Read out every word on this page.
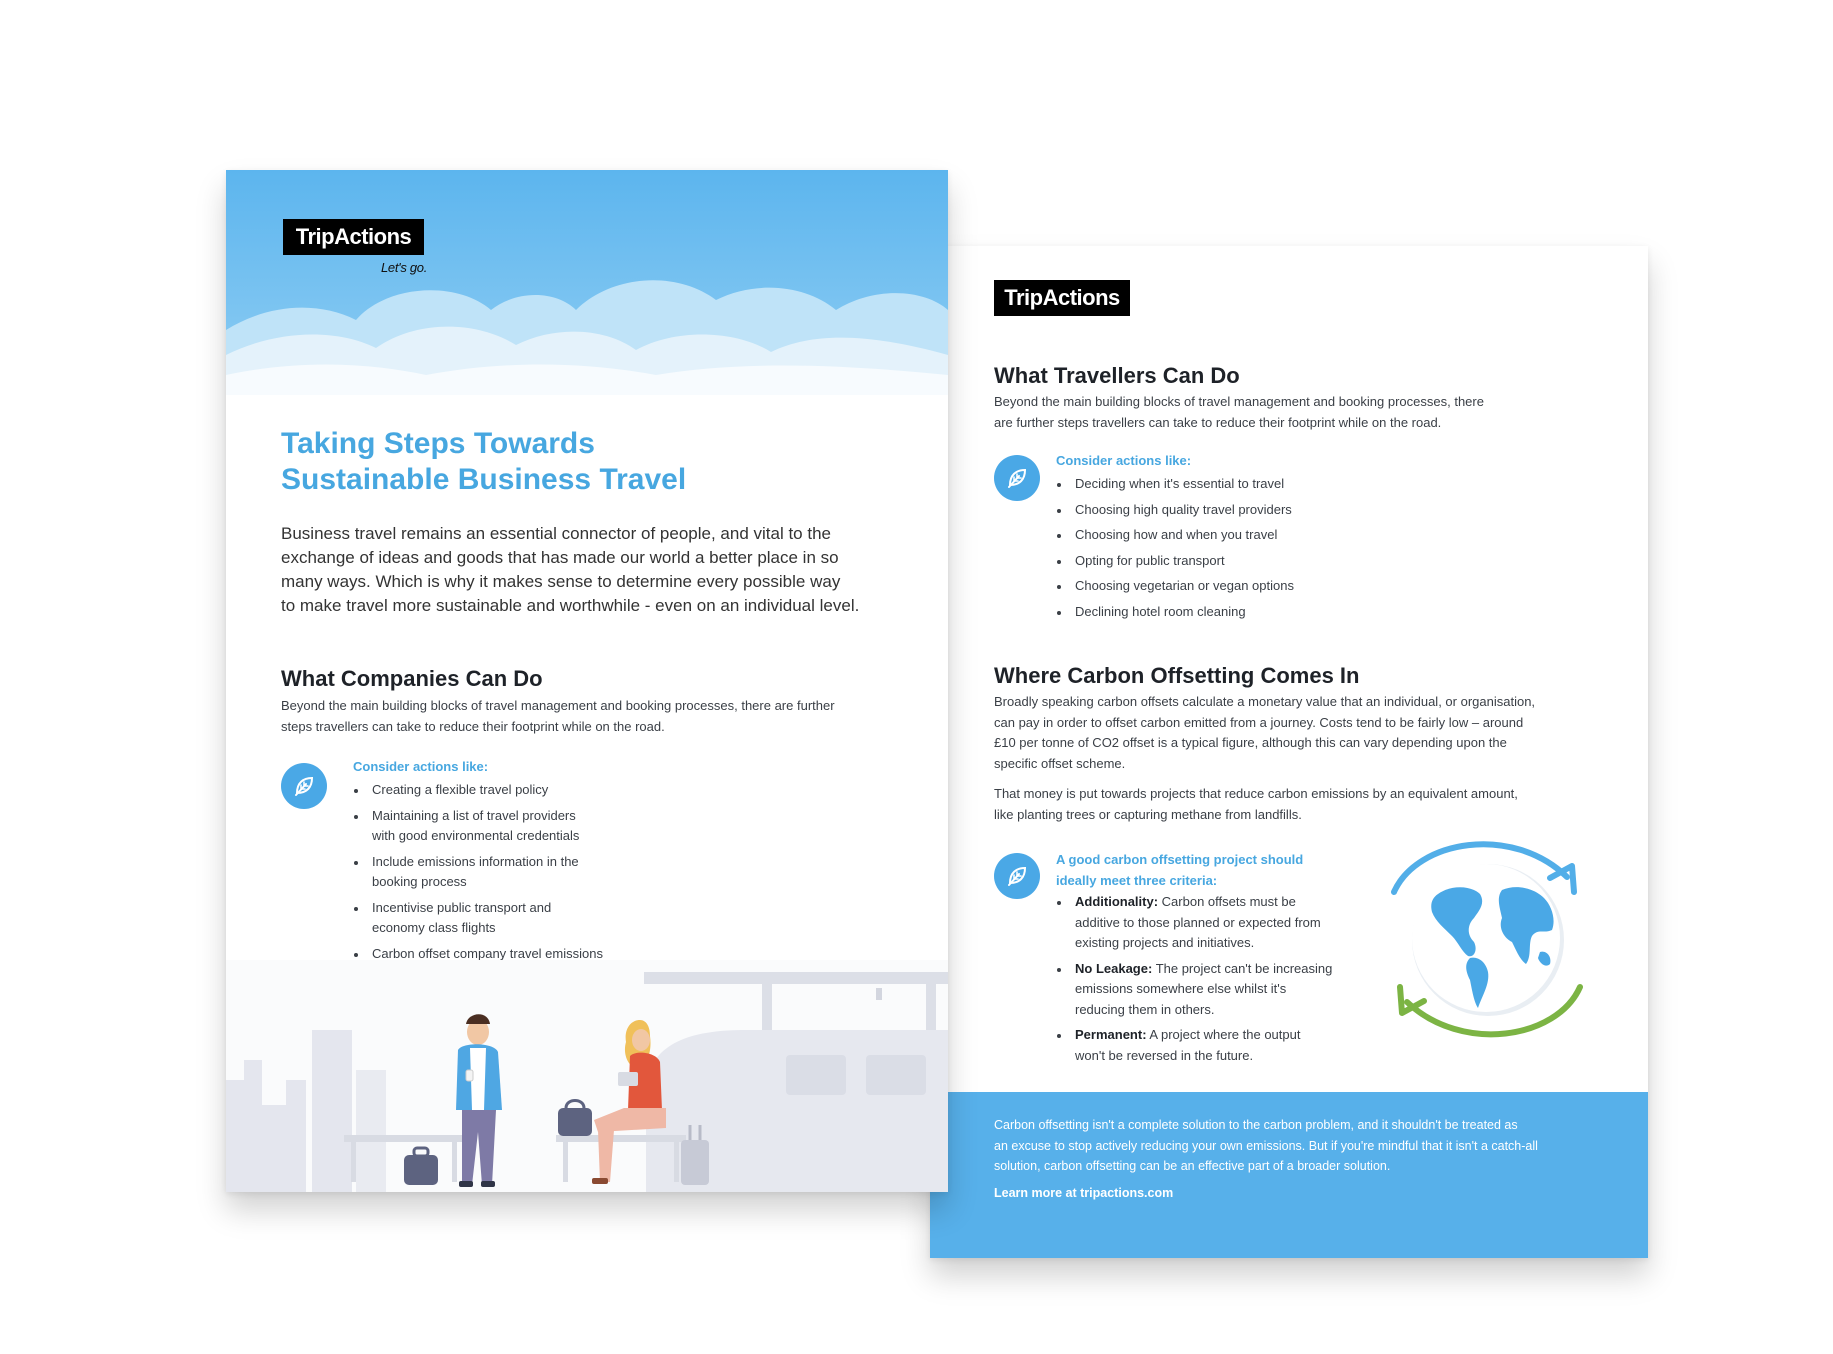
TripActions
Let's go.
Taking Steps Towards
Sustainable Business Travel
Business travel remains an essential connector of people, and vital to the
exchange of ideas and goods that has made our world a better place in so
many ways. Which is why it makes sense to determine every possible way
to make travel more sustainable and worthwhile - even on an individual level.
What Companies Can Do
Beyond the main building blocks of travel management and booking processes, there are further
steps travellers can take to reduce their footprint while on the road.
Consider actions like:
Creating a flexible travel policy
Maintaining a list of travel providers
with good environmental credentials
Include emissions information in the
booking process
Incentivise public transport and
economy class flights
Carbon offset company travel emissions
TripActions
What Travellers Can Do
Beyond the main building blocks of travel management and booking processes, there
are further steps travellers can take to reduce their footprint while on the road.
Consider actions like:
Deciding when it's essential to travel
Choosing high quality travel providers
Choosing how and when you travel
Opting for public transport
Choosing vegetarian or vegan options
Declining hotel room cleaning
Where Carbon Offsetting Comes In
Broadly speaking carbon offsets calculate a monetary value that an individual, or organisation,
can pay in order to offset carbon emitted from a journey. Costs tend to be fairly low – around
£10 per tonne of CO2 offset is a typical figure, although this can vary depending upon the
specific offset scheme.
That money is put towards projects that reduce carbon emissions by an equivalent amount,
like planting trees or capturing methane from landfills.
A good carbon offsetting project should
ideally meet three criteria:
Additionality: Carbon offsets must be
additive to those planned or expected from
existing projects and initiatives.
No Leakage: The project can't be increasing
emissions somewhere else whilst it's
reducing them in others.
Permanent: A project where the output
won't be reversed in the future.
Carbon offsetting isn't a complete solution to the carbon problem, and it shouldn't be treated as
an excuse to stop actively reducing your own emissions. But if you're mindful that it isn't a catch-all
solution, carbon offsetting can be an effective part of a broader solution.
Learn more at tripactions.com
